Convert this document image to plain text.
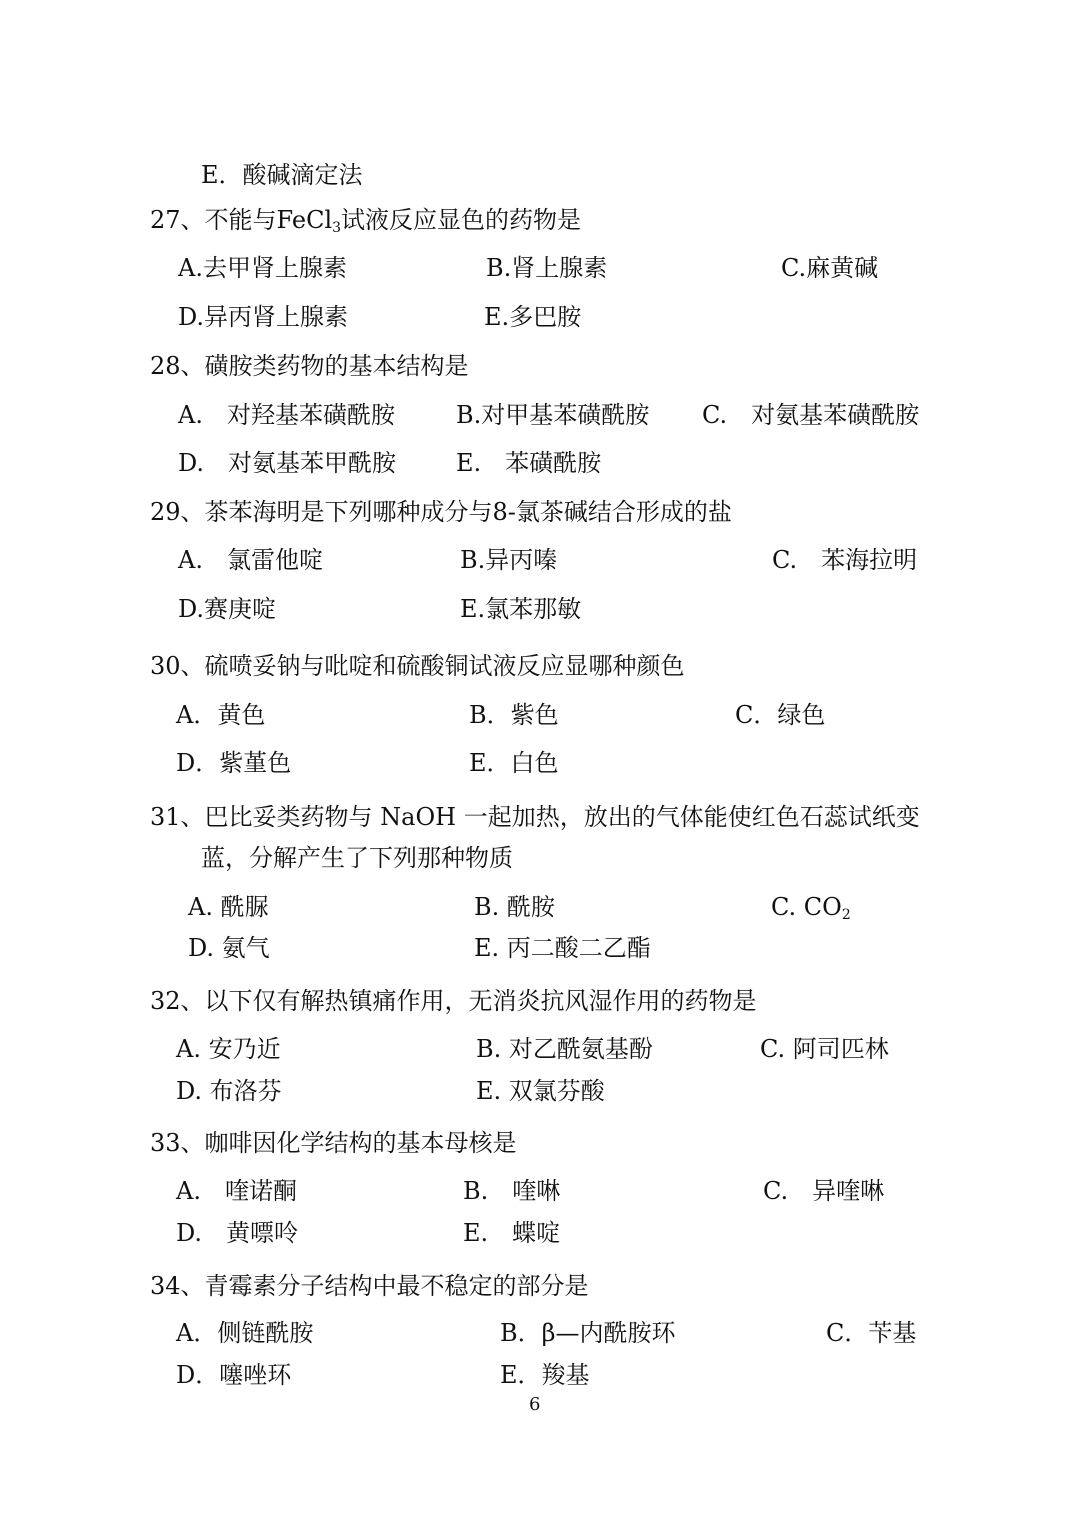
E．酸碱滴定法
27、不能与FeCl$_3$试液反应显色的药物是
A.去甲肾上腺素	B.肾上腺素	C.麻黄碱
D.异丙肾上腺素	E.多巴胺
28、磺胺类药物的基本结构是
A.　对羟基苯磺酰胺	B.对甲基苯磺酰胺 C.　对氨基苯磺酰胺
D.　对氨基苯甲酰胺 E.　苯磺酰胺
29、茶苯海明是下列哪种成分与8-氯茶碱结合形成的盐
A.　氯雷他啶	B.异丙嗪	C.　苯海拉明
D.赛庚啶	E.氯苯那敏
30、硫喷妥钠与吡啶和硫酸铜试液反应显哪种颜色
A．黄色	B．紫色	C．绿色
D．紫堇色	E．白色
31、巴比妥类药物与 NaOH 一起加热，放出的气体能使红色石蕊试纸变
蓝，分解产生了下列那种物质
A. 酰脲	B. 酰胺	C. $CO_2$
D. 氨气	E. 丙二酸二乙酯
32、以下仅有解热镇痛作用，无消炎抗风湿作用的药物是
A. 安乃近	B. 对乙酰氨基酚	C. 阿司匹林
D. 布洛芬	E. 双氯芬酸
33、咖啡因化学结构的基本母核是
A.　喹诺酮	B.　喹啉	C.　异喹啉
D.　黄嘌呤	E.　蝶啶
34、青霉素分子结构中最不稳定的部分是
A．侧链酰胺	B．β—内酰胺环	C．苄基
D．噻唑环	E．羧基
6
